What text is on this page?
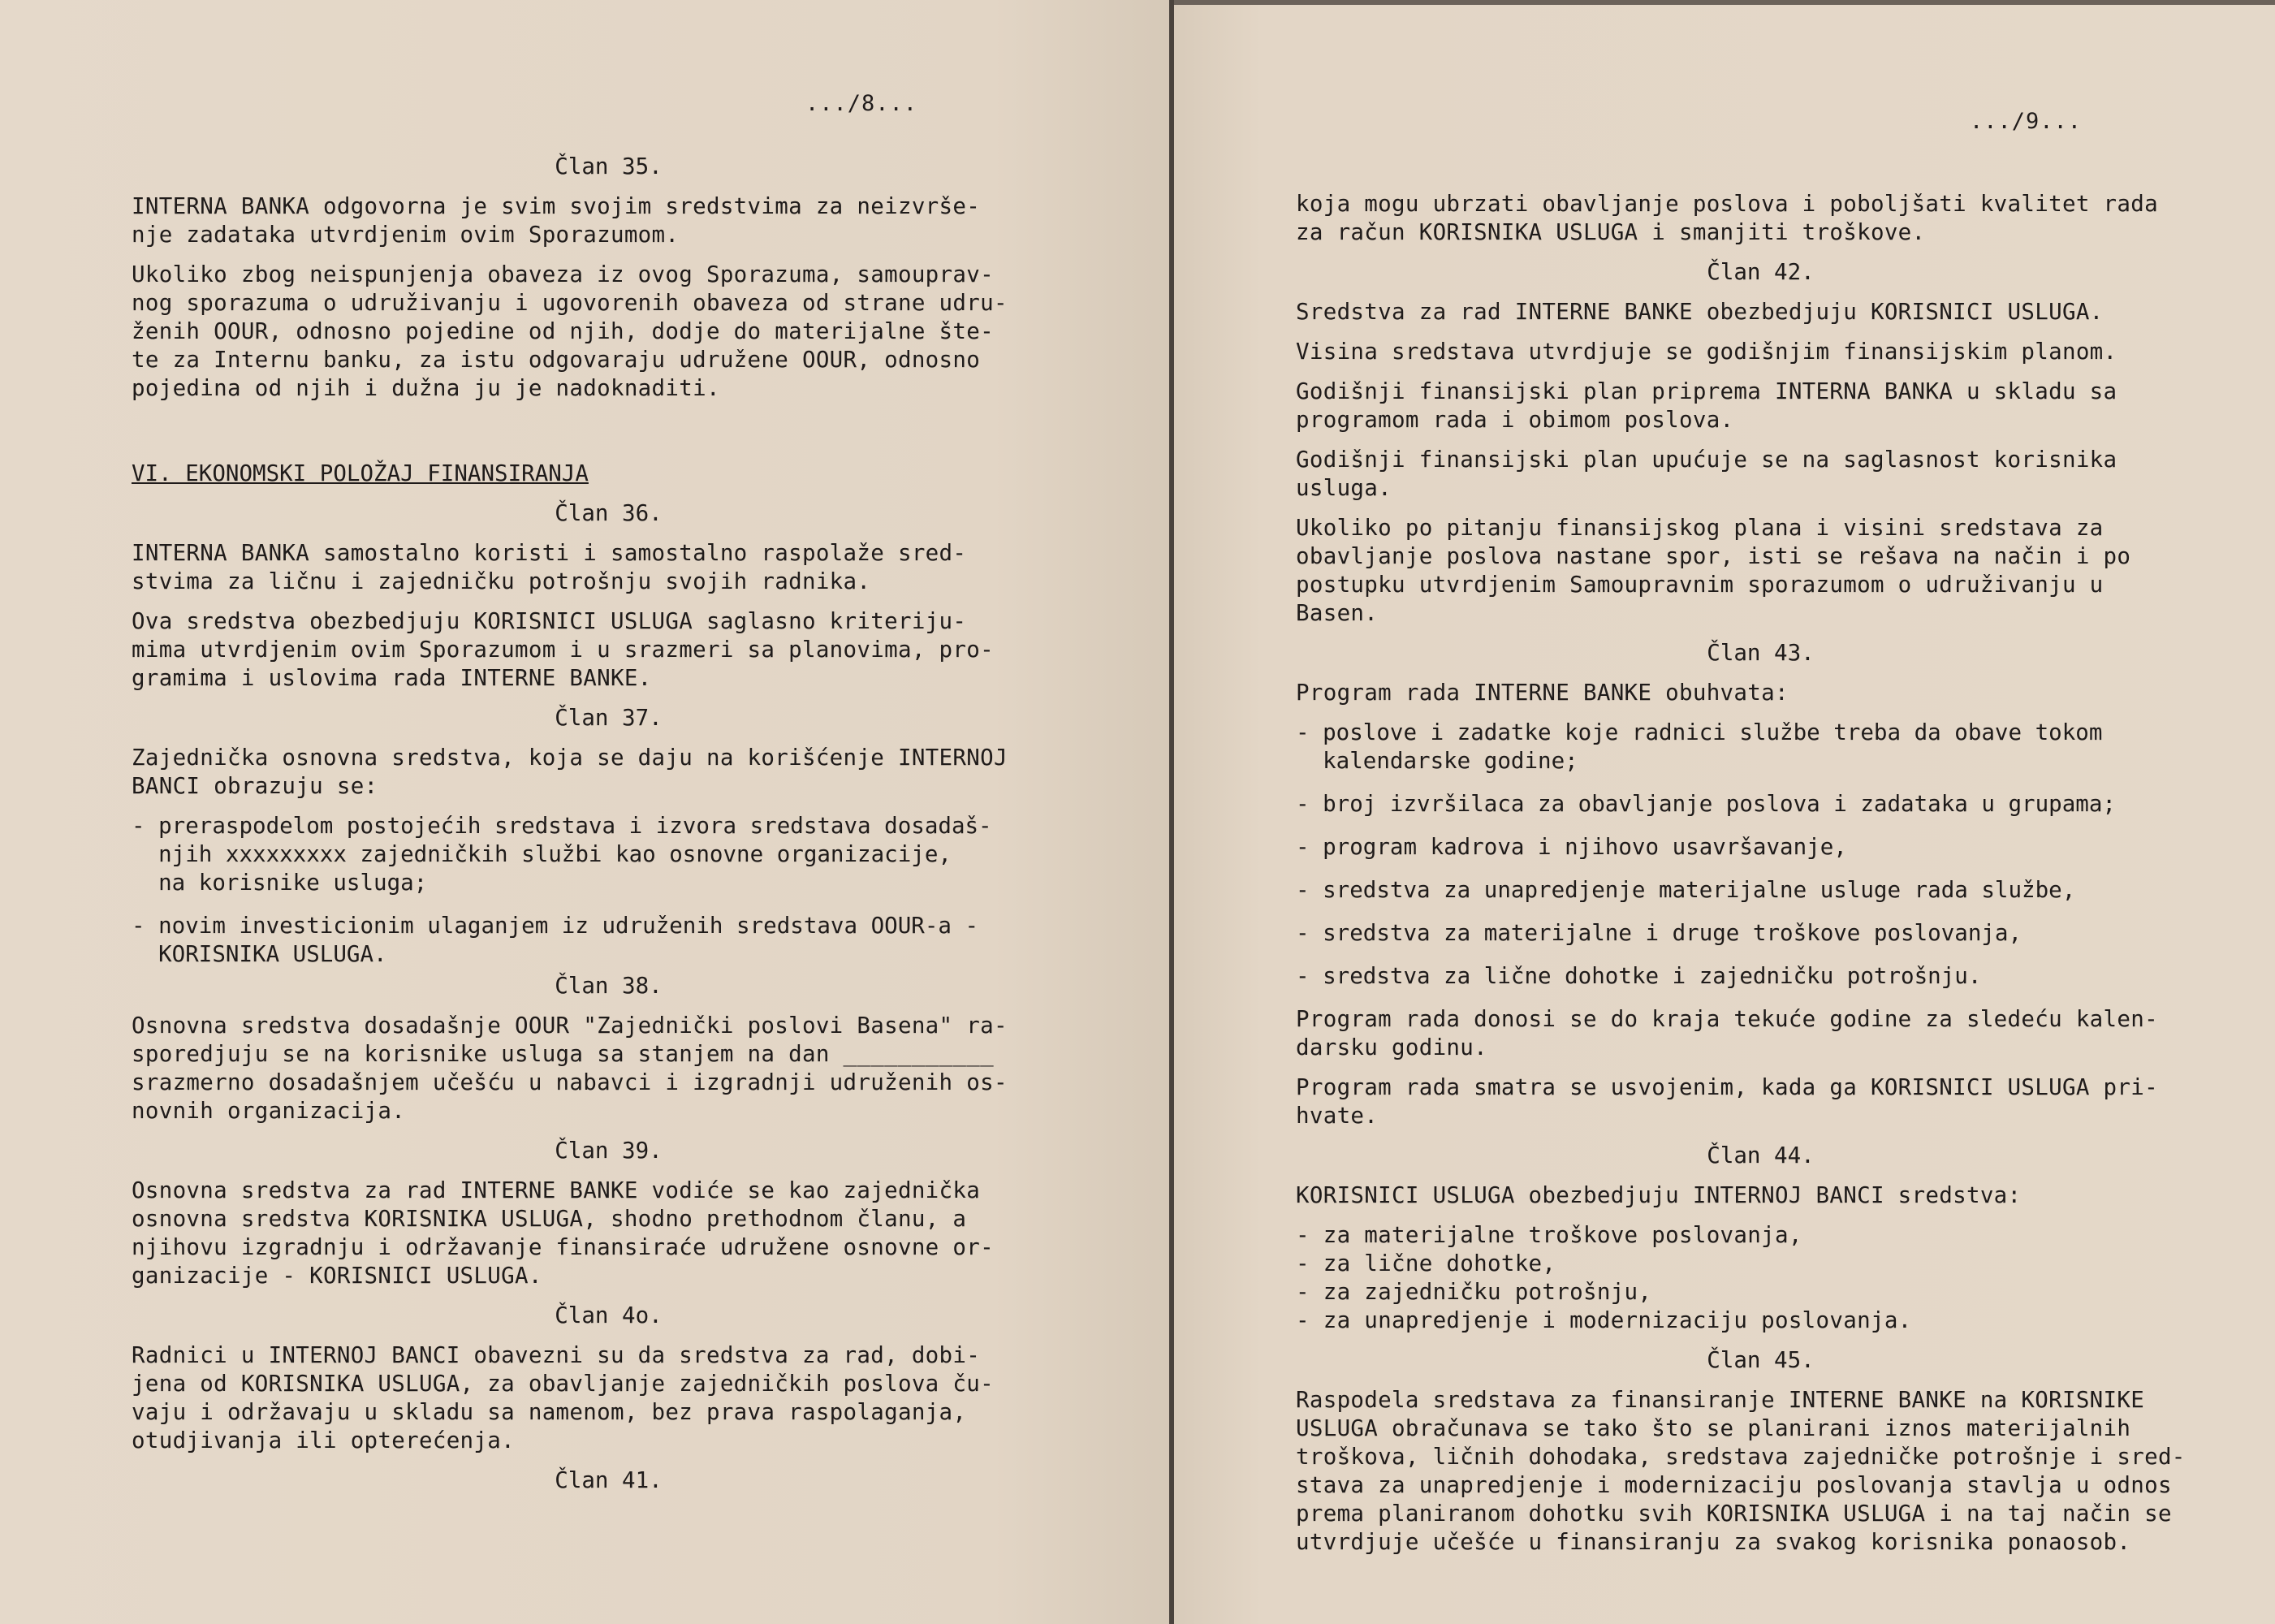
.../8...
Član 35.
INTERNA BANKA odgovorna je svim svojim sredstvima za neizvrše-
nje zadataka utvrdjenim ovim Sporazumom.
Ukoliko zbog neispunjenja obaveza iz ovog Sporazuma, samouprav-
nog sporazuma o udruživanju i ugovorenih obaveza od strane udru-
ženih OOUR, odnosno pojedine od njih, dodje do materijalne šte-
te za Internu banku, za istu odgovaraju udružene OOUR, odnosno
pojedina od njih i dužna ju je nadoknaditi.
VI. EKONOMSKI POLOŽAJ FINANSIRANJA
Član 36.
INTERNA BANKA samostalno koristi i samostalno raspolaže sred-
stvima za ličnu i zajedničku potrošnju svojih radnika.
Ova sredstva obezbedjuju KORISNICI USLUGA saglasno kriteriju-
mima utvrdjenim ovim Sporazumom i u srazmeri sa planovima, pro-
gramima i uslovima rada INTERNE BANKE.
Član 37.
Zajednička osnovna sredstva, koja se daju na korišćenje INTERNOJ
BANCI obrazuju se:
- preraspodelom postojećih sredstava i izvora sredstava dosadaš-
njih xxxxxxxxx zajedničkih službi kao osnovne organizacije,
na korisnike usluga;
- novim investicionim ulaganjem iz udruženih sredstava OOUR-a -
KORISNIKA USLUGA.
Član 38.
Osnovna sredstva dosadašnje OOUR "Zajednički poslovi Basena" ra-
sporedjuju se na korisnike usluga sa stanjem na dan ___________
srazmerno dosadašnjem učešću u nabavci i izgradnji udruženih os-
novnih organizacija.
Član 39.
Osnovna sredstva za rad INTERNE BANKE vodiće se kao zajednička
osnovna sredstva KORISNIKA USLUGA, shodno prethodnom članu, a
njihovu izgradnju i održavanje finansiraće udružene osnovne or-
ganizacije - KORISNICI USLUGA.
Član 4o.
Radnici u INTERNOJ BANCI obavezni su da sredstva za rad, dobi-
jena od KORISNIKA USLUGA, za obavljanje zajedničkih poslova ču-
vaju i održavaju u skladu sa namenom, bez prava raspolaganja,
otudjivanja ili opterećenja.
Član 41.
.../9...
koja mogu ubrzati obavljanje poslova i poboljšati kvalitet rada
za račun KORISNIKA USLUGA i smanjiti troškove.
Član 42.
Sredstva za rad INTERNE BANKE obezbedjuju KORISNICI USLUGA.
Visina sredstava utvrdjuje se godišnjim finansijskim planom.
Godišnji finansijski plan priprema INTERNA BANKA u skladu sa
programom rada i obimom poslova.
Godišnji finansijski plan upućuje se na saglasnost korisnika
usluga.
Ukoliko po pitanju finansijskog plana i visini sredstava za
obavljanje poslova nastane spor, isti se rešava na način i po
postupku utvrdjenim Samoupravnim sporazumom o udruživanju u
Basen.
Član 43.
Program rada INTERNE BANKE obuhvata:
- poslove i zadatke koje radnici službe treba da obave tokom
kalendarske godine;
- broj izvršilaca za obavljanje poslova i zadataka u grupama;
- program kadrova i njihovo usavršavanje,
- sredstva za unapredjenje materijalne usluge rada službe,
- sredstva za materijalne i druge troškove poslovanja,
- sredstva za lične dohotke i zajedničku potrošnju.
Program rada donosi se do kraja tekuće godine za sledeću kalen-
darsku godinu.
Program rada smatra se usvojenim, kada ga KORISNICI USLUGA pri-
hvate.
Član 44.
KORISNICI USLUGA obezbedjuju INTERNOJ BANCI sredstva:
- za materijalne troškove poslovanja,
- za lične dohotke,
- za zajedničku potrošnju,
- za unapredjenje i modernizaciju poslovanja.
Član 45.
Raspodela sredstava za finansiranje INTERNE BANKE na KORISNIKE
USLUGA obračunava se tako što se planirani iznos materijalnih
troškova, ličnih dohodaka, sredstava zajedničke potrošnje i sred-
stava za unapredjenje i modernizaciju poslovanja stavlja u odnos
prema planiranom dohotku svih KORISNIKA USLUGA i na taj način se
utvrdjuje učešće u finansiranju za svakog korisnika ponaosob.
